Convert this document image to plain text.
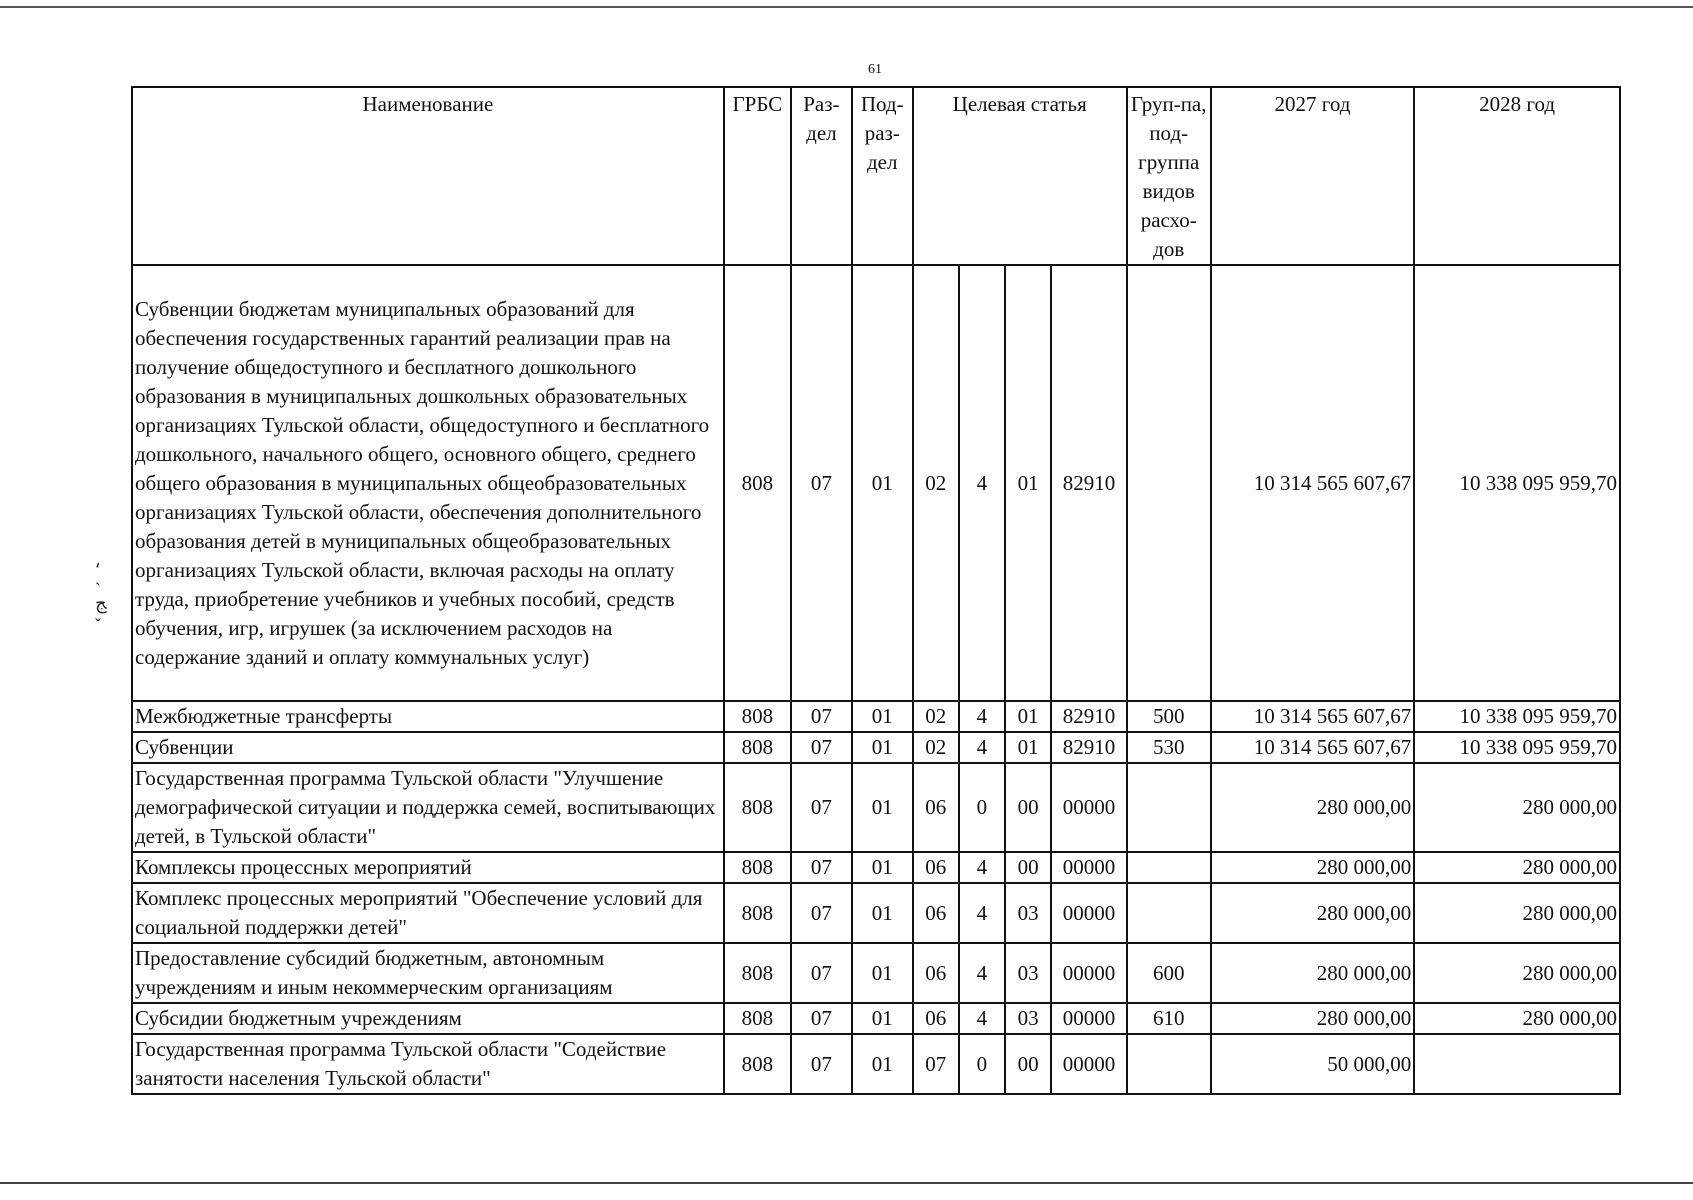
61
⸲
˴
ﺞ
ˇ
Наименование	ГРБС	Раз-дел	Под-раз-дел	Целевая статья				Груп-па, под-группа видов расхо-дов	2027 год	2028 год
Субвенции бюджетам муниципальных образований для обеспечения государственных гарантий реализации прав на получение общедоступного и бесплатного дошкольного образования в муниципальных дошкольных образовательных организациях Тульской области, общедоступного и бесплатного дошкольного, начального общего, основного общего, среднего общего образования в муниципальных общеобразовательных организациях Тульской области, обеспечения дополнительного образования детей в муниципальных общеобразовательных организациях Тульской области, включая расходы на оплату труда, приобретение учебников и учебных пособий, средств обучения, игр, игрушек (за исключением расходов на содержание зданий и оплату коммунальных услуг)	808	07	01	02	4	01	82910		10 314 565 607,67	10 338 095 959,70
Межбюджетные трансферты	808	07	01	02	4	01	82910	500	10 314 565 607,67	10 338 095 959,70
Субвенции	808	07	01	02	4	01	82910	530	10 314 565 607,67	10 338 095 959,70
Государственная программа Тульской области "Улучшение демографической ситуации и поддержка семей, воспитывающих детей, в Тульской области"	808	07	01	06	0	00	00000		280 000,00	280 000,00
Комплексы процессных мероприятий	808	07	01	06	4	00	00000		280 000,00	280 000,00
Комплекс процессных мероприятий "Обеспечение условий для социальной поддержки детей"	808	07	01	06	4	03	00000		280 000,00	280 000,00
Предоставление субсидий бюджетным, автономным учреждениям и иным некоммерческим организациям	808	07	01	06	4	03	00000	600	280 000,00	280 000,00
Субсидии бюджетным учреждениям	808	07	01	06	4	03	00000	610	280 000,00	280 000,00
Государственная программа Тульской области "Содействие занятости населения Тульской области"	808	07	01	07	0	00	00000		50 000,00	
